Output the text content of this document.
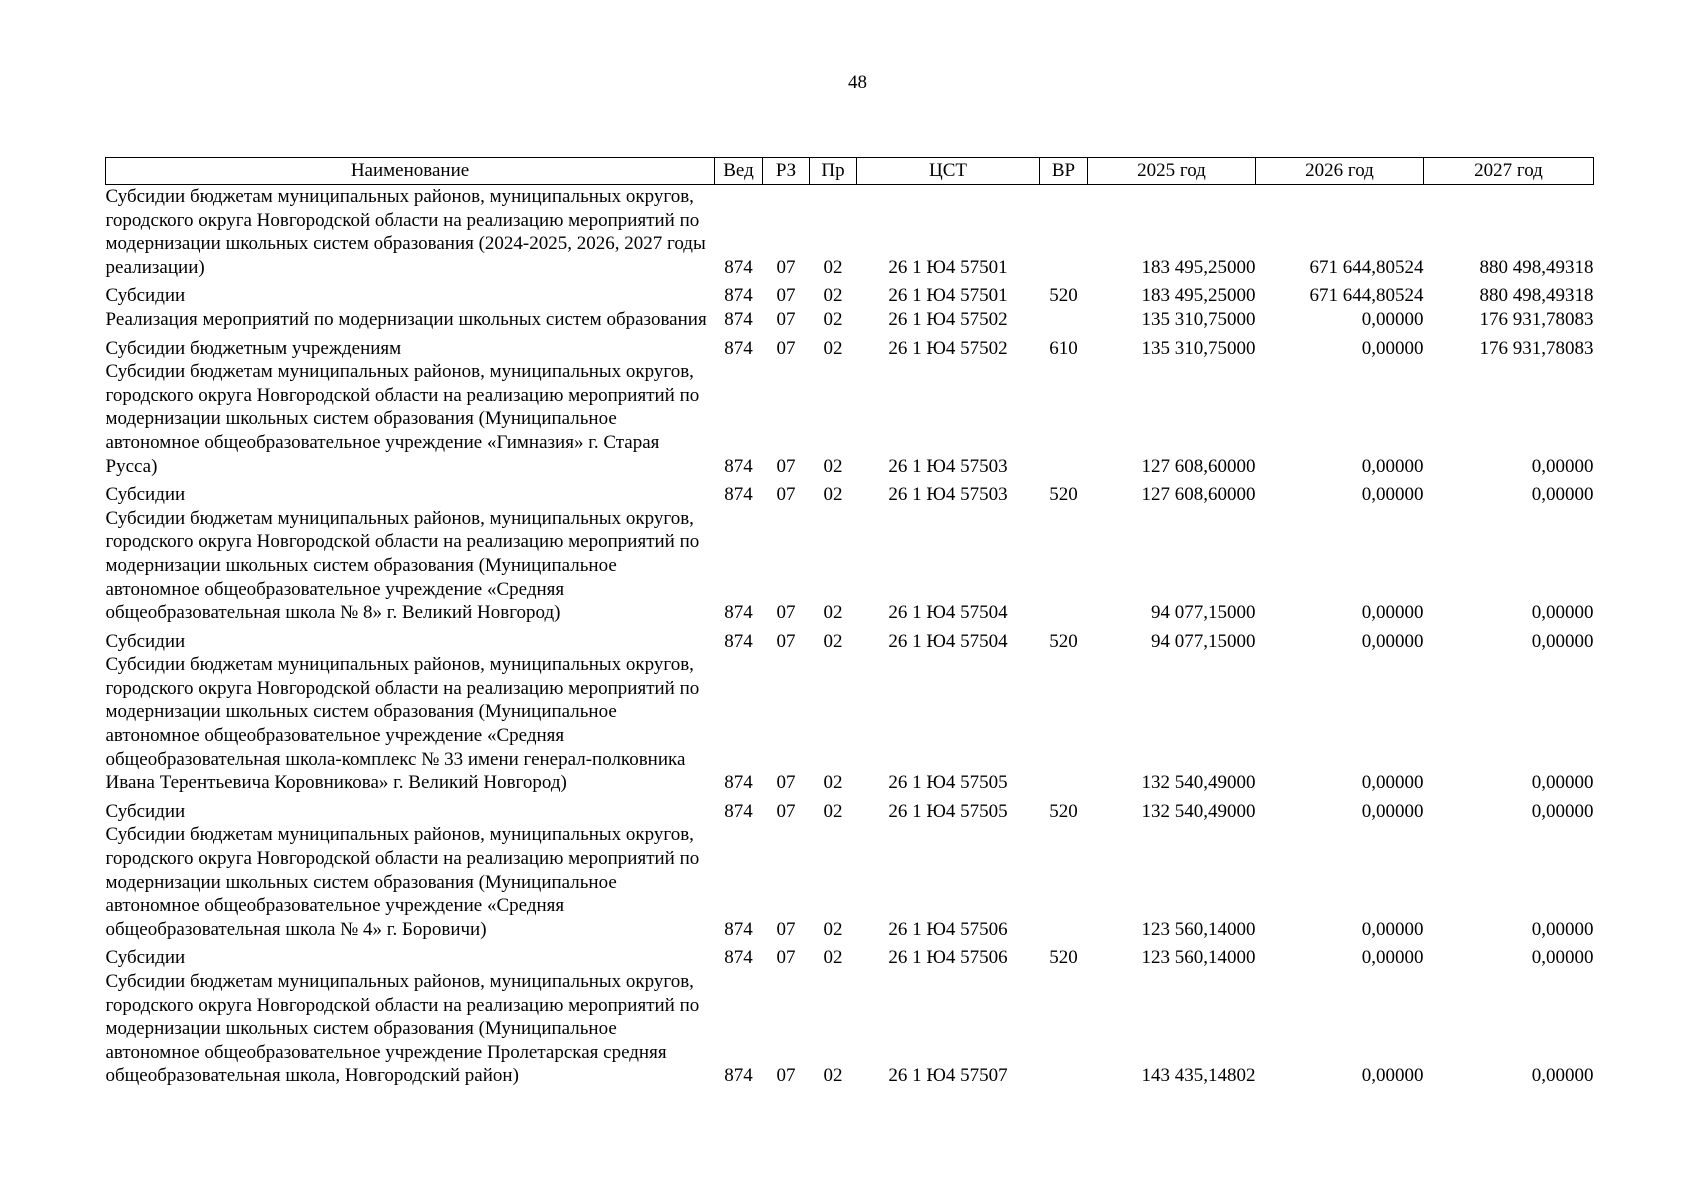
48
Наименование	Вед	РЗ	Пр	ЦСТ	ВР	2025 год	2026 год	2027 год
Субсидии бюджетам муниципальных районов, муниципальных округов, городского округа Новгородской области на реализацию мероприятий по модернизации школьных систем образования (2024-2025, 2026, 2027 годы реализации)	874	07	02	26 1 Ю4 57501		183 495,25000	671 644,80524	880 498,49318
Субсидии	874	07	02	26 1 Ю4 57501	520	183 495,25000	671 644,80524	880 498,49318
Реализация мероприятий по модернизации школьных систем образования	874	07	02	26 1 Ю4 57502		135 310,75000	0,00000	176 931,78083
Субсидии бюджетным учреждениям	874	07	02	26 1 Ю4 57502	610	135 310,75000	0,00000	176 931,78083
Субсидии бюджетам муниципальных районов, муниципальных округов, городского округа Новгородской области на реализацию мероприятий по модернизации школьных систем образования (Муниципальное автономное общеобразовательное учреждение «Гимназия» г. Старая Русса)	874	07	02	26 1 Ю4 57503		127 608,60000	0,00000	0,00000
Субсидии	874	07	02	26 1 Ю4 57503	520	127 608,60000	0,00000	0,00000
Субсидии бюджетам муниципальных районов, муниципальных округов, городского округа Новгородской области на реализацию мероприятий по модернизации школьных систем образования (Муниципальное автономное общеобразовательное учреждение «Средняя общеобразовательная школа № 8» г. Великий Новгород)	874	07	02	26 1 Ю4 57504		94 077,15000	0,00000	0,00000
Субсидии	874	07	02	26 1 Ю4 57504	520	94 077,15000	0,00000	0,00000
Субсидии бюджетам муниципальных районов, муниципальных округов, городского округа Новгородской области на реализацию мероприятий по модернизации школьных систем образования (Муниципальное автономное общеобразовательное учреждение «Средняя общеобразовательная школа-комплекс № 33 имени генерал-полковника Ивана Терентьевича Коровникова» г. Великий Новгород)	874	07	02	26 1 Ю4 57505		132 540,49000	0,00000	0,00000
Субсидии	874	07	02	26 1 Ю4 57505	520	132 540,49000	0,00000	0,00000
Субсидии бюджетам муниципальных районов, муниципальных округов, городского округа Новгородской области на реализацию мероприятий по модернизации школьных систем образования (Муниципальное автономное общеобразовательное учреждение «Средняя общеобразовательная школа № 4» г. Боровичи)	874	07	02	26 1 Ю4 57506		123 560,14000	0,00000	0,00000
Субсидии	874	07	02	26 1 Ю4 57506	520	123 560,14000	0,00000	0,00000
Субсидии бюджетам муниципальных районов, муниципальных округов, городского округа Новгородской области на реализацию мероприятий по модернизации школьных систем образования (Муниципальное автономное общеобразовательное учреждение Пролетарская средняя общеобразовательная школа, Новгородский район)	874	07	02	26 1 Ю4 57507		143 435,14802	0,00000	0,00000
